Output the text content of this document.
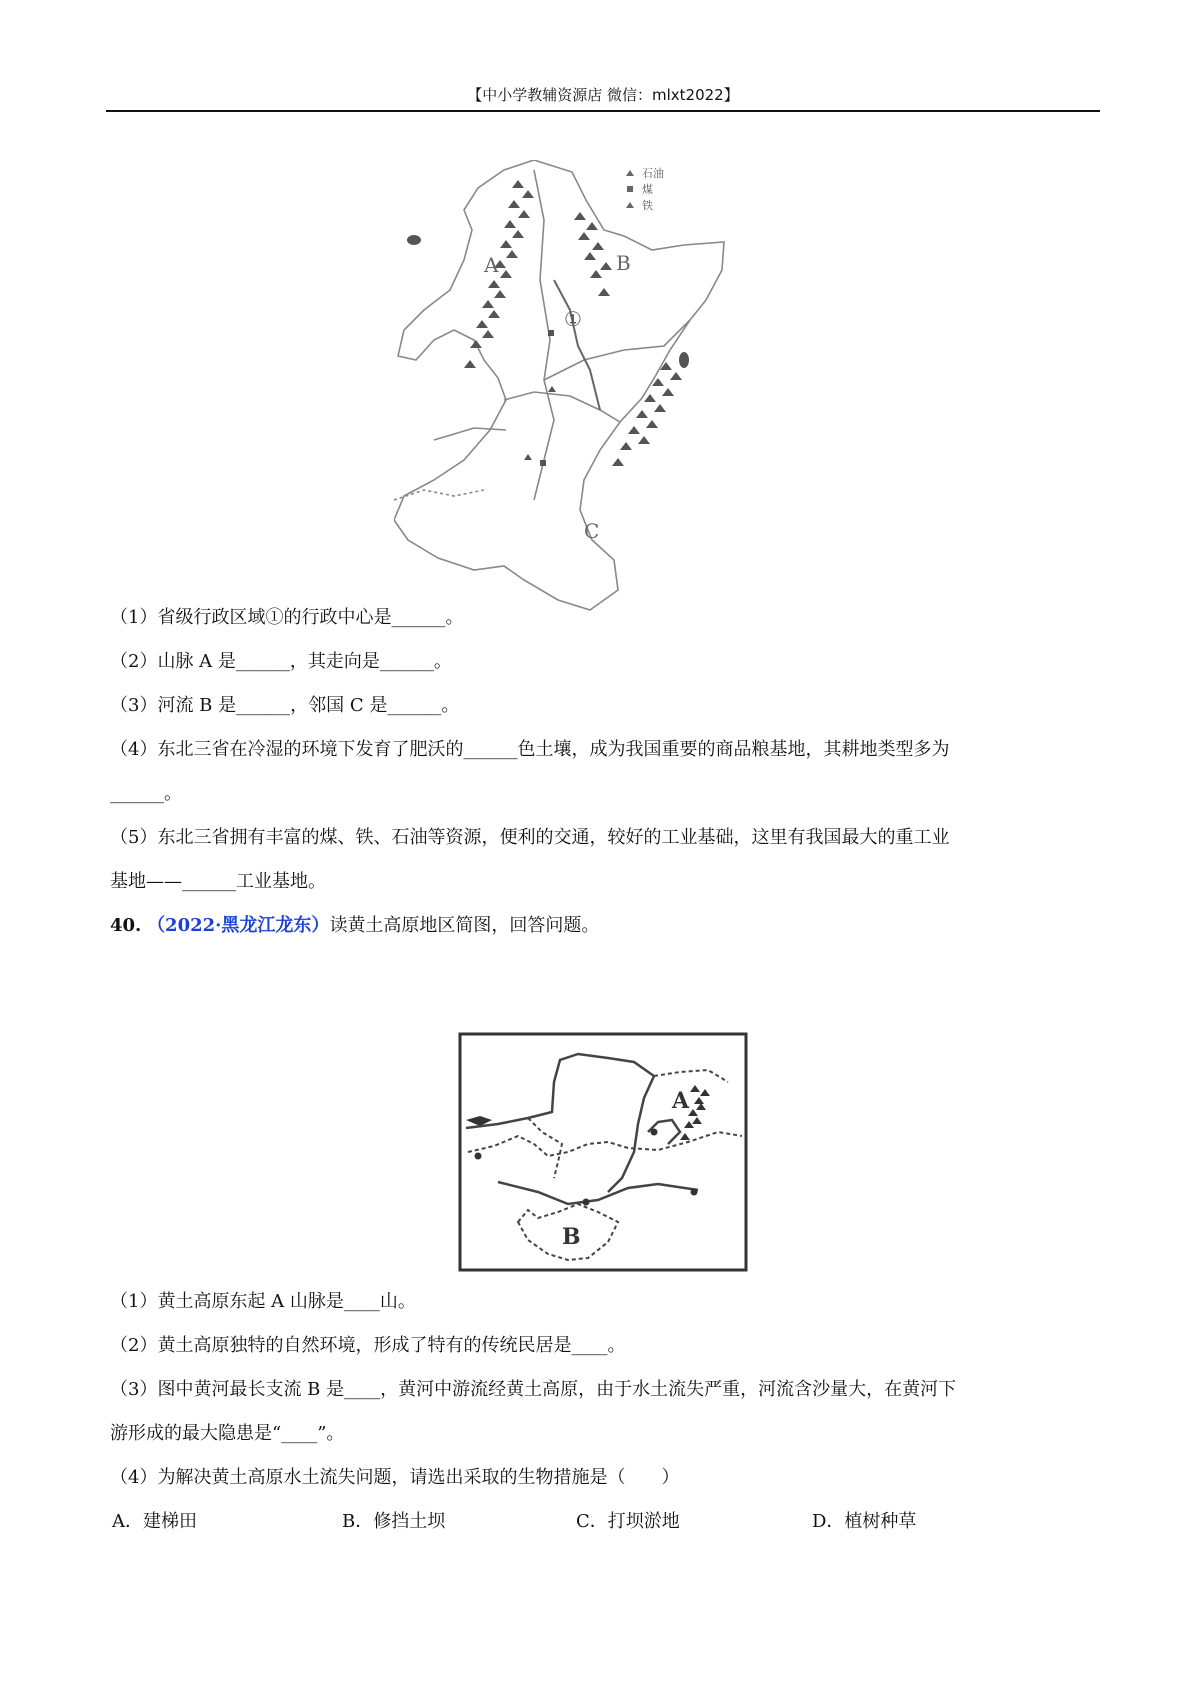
【中小学教辅资源店 微信：mlxt2022】
石油
煤
铁
A	B
C
①
（1）省级行政区域①的行政中心是______。
（2）山脉 A 是______，其走向是______。
（3）河流 B 是______，邻国 C 是______。
（4）东北三省在冷湿的环境下发育了肥沃的______色土壤，成为我国重要的商品粮基地，其耕地类型多为
______。
（5）东北三省拥有丰富的煤、铁、石油等资源，便利的交通，较好的工业基础，这里有我国最大的重工业
基地——______工业基地。
40. （2022·黑龙江龙东）读黄土高原地区简图，回答问题。
A
B
（1）黄土高原东起 A 山脉是____山。
（2）黄土高原独特的自然环境，形成了特有的传统民居是____。
（3）图中黄河最长支流 B 是____，黄河中游流经黄土高原，由于水土流失严重，河流含沙量大，在黄河下
游形成的最大隐患是“____”。
（4）为解决黄土高原水土流失问题，请选出采取的生物措施是（　　）
A．建梯田	B．修挡土坝	C．打坝淤地	D．植树种草
